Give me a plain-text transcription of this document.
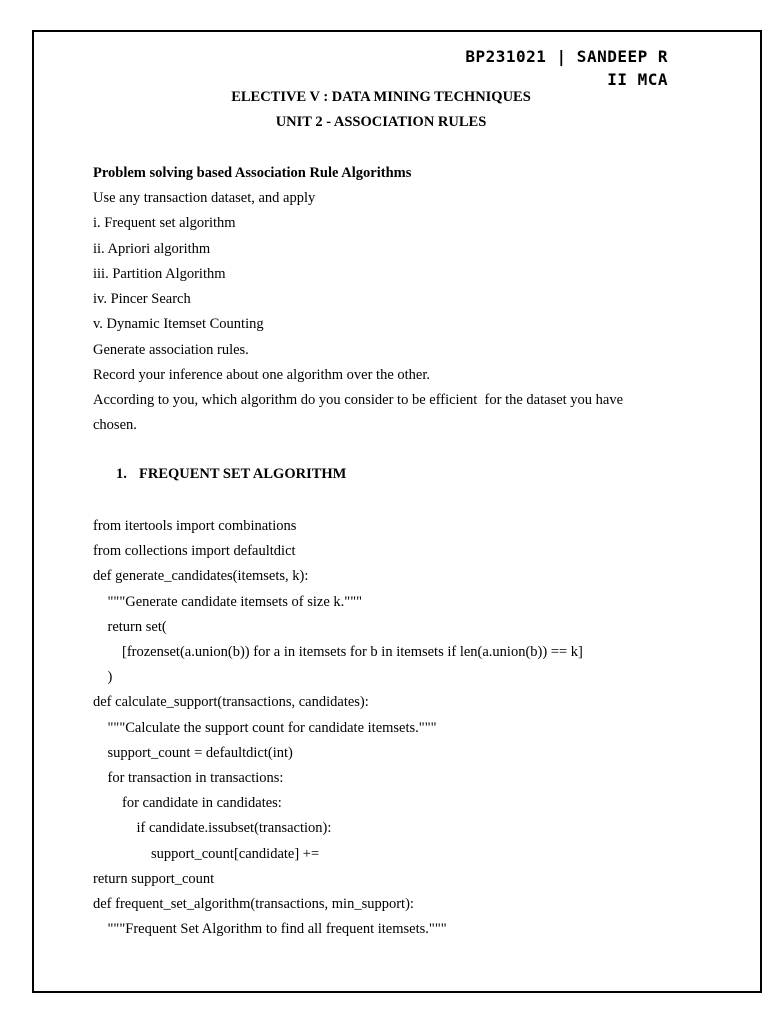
BP231021 | SANDEEP R
II MCA
ELECTIVE V : DATA MINING TECHNIQUES
UNIT 2 - ASSOCIATION RULES
Problem solving based Association Rule Algorithms
Use any transaction dataset, and apply
i. Frequent set algorithm
ii. Apriori algorithm
iii. Partition Algorithm
iv. Pincer Search
v. Dynamic Itemset Counting
Generate association rules.
Record your inference about one algorithm over the other.
According to you, which algorithm do you consider to be efficient  for the dataset you have
chosen.
1. FREQUENT SET ALGORITHM
from itertools import combinations
from collections import defaultdict
def generate_candidates(itemsets, k):
"""Generate candidate itemsets of size k."""
return set(
[frozenset(a.union(b)) for a in itemsets for b in itemsets if len(a.union(b)) == k]
)
def calculate_support(transactions, candidates):
"""Calculate the support count for candidate itemsets."""
support_count = defaultdict(int)
for transaction in transactions:
for candidate in candidates:
if candidate.issubset(transaction):
support_count[candidate] +=
return support_count
def frequent_set_algorithm(transactions, min_support):
"""Frequent Set Algorithm to find all frequent itemsets."""
